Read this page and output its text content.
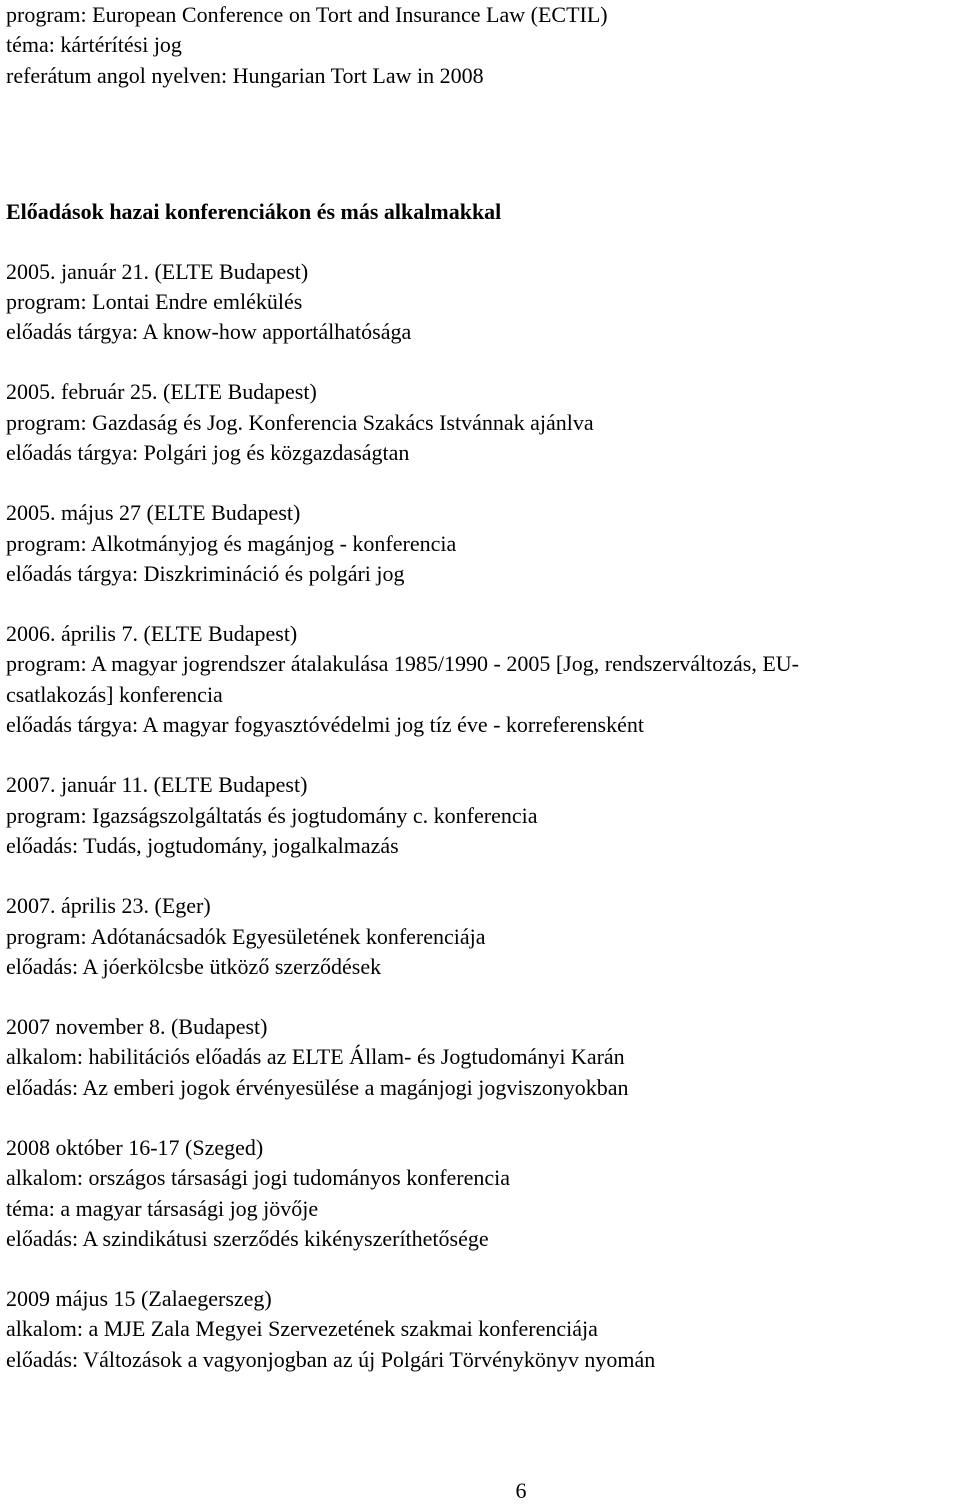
program: European Conference on Tort and Insurance Law (ECTIL)
téma: kártérítési jog
referátum angol nyelven: Hungarian Tort Law in 2008
Előadások hazai konferenciákon és más alkalmakkal
2005. január 21. (ELTE Budapest)
program: Lontai Endre emlékülés
előadás tárgya: A know-how apportálhatósága
2005. február 25. (ELTE Budapest)
program: Gazdaság és Jog. Konferencia Szakács Istvánnak ajánlva
előadás tárgya: Polgári jog és közgazdaságtan
2005. május 27 (ELTE Budapest)
program: Alkotmányjog és magánjog - konferencia
előadás tárgya: Diszkrimináció és polgári jog
2006. április 7. (ELTE Budapest)
program: A magyar jogrendszer átalakulása 1985/1990 - 2005 [Jog, rendszerváltozás, EU-
csatlakozás] konferencia
előadás tárgya: A magyar fogyasztóvédelmi jog tíz éve - korreferensként
2007. január 11. (ELTE Budapest)
program: Igazságszolgáltatás és jogtudomány c. konferencia
előadás: Tudás, jogtudomány, jogalkalmazás
2007. április 23. (Eger)
program: Adótanácsadók Egyesületének konferenciája
előadás: A jóerkölcsbe ütköző szerződések
2007 november 8. (Budapest)
alkalom: habilitációs előadás az ELTE Állam- és Jogtudományi Karán
előadás: Az emberi jogok érvényesülése a magánjogi jogviszonyokban
2008 október 16-17 (Szeged)
alkalom: országos társasági jogi tudományos konferencia
téma: a magyar társasági jog jövője
előadás: A szindikátusi szerződés kikényszeríthetősége
2009 május 15 (Zalaegerszeg)
alkalom: a MJE Zala Megyei Szervezetének szakmai konferenciája
előadás: Változások a vagyonjogban az új Polgári Törvénykönyv nyomán
6
